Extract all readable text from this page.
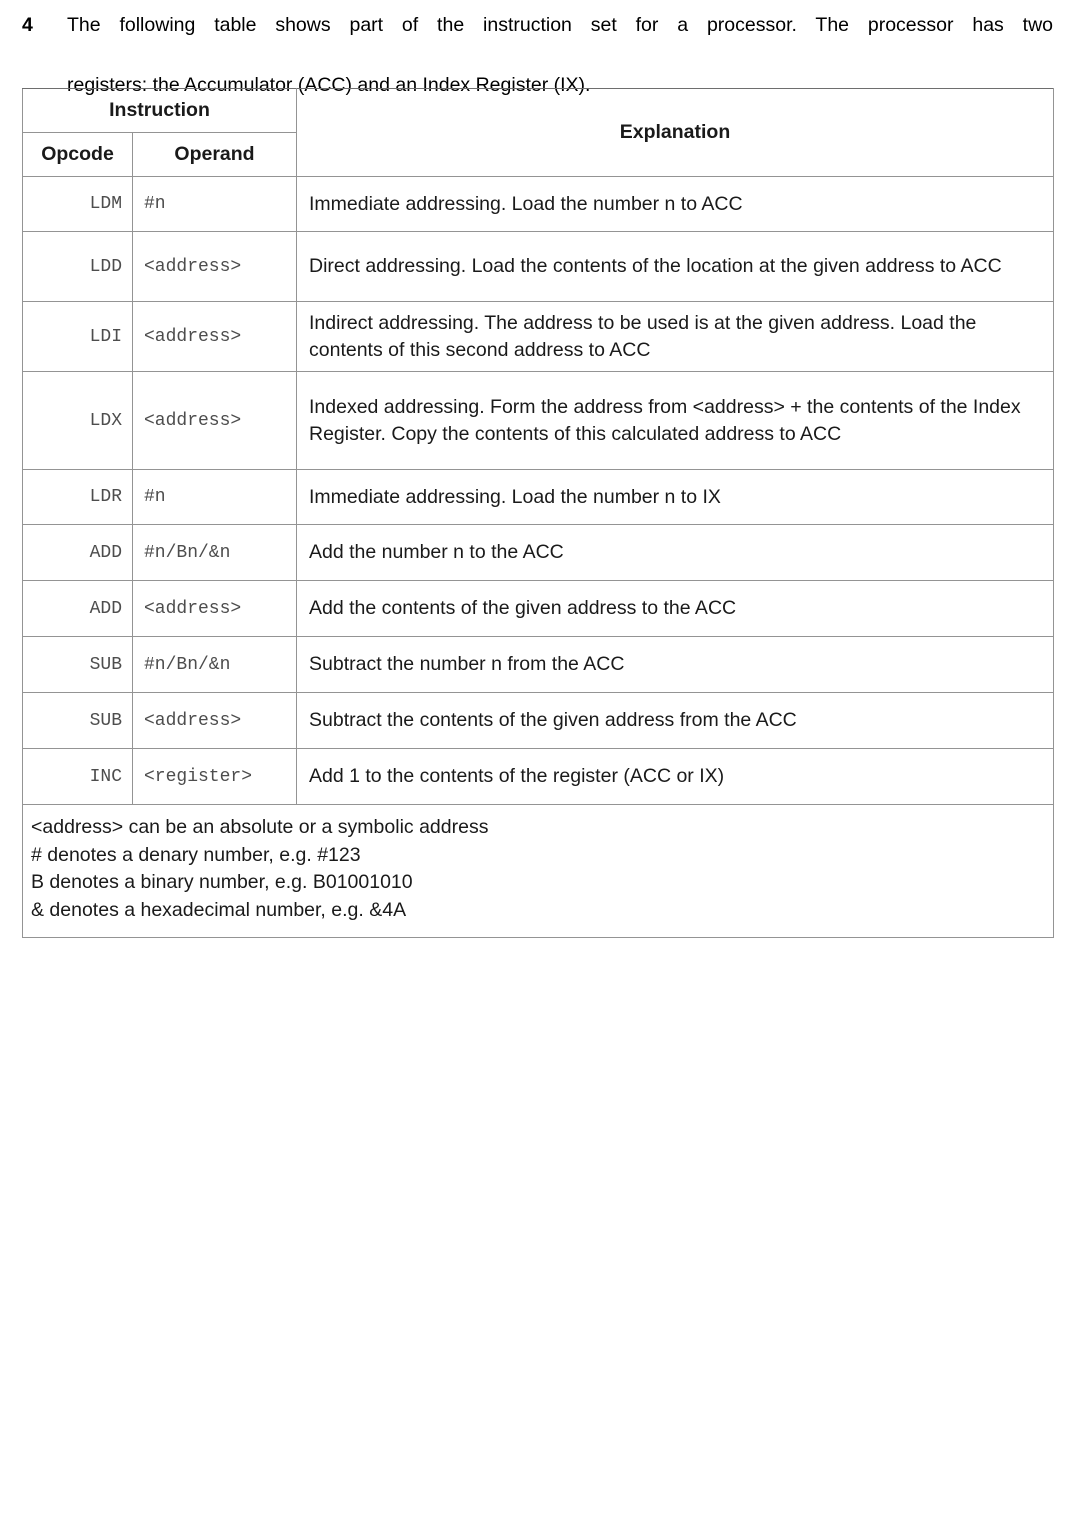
4	The following table shows part of the instruction set for a processor. The processor has two
registers: the Accumulator (ACC) and an Index Register (IX).
Instruction		Explanation
Opcode	Operand	
LDM	#n	Immediate addressing. Load the number n to ACC
LDD	<address>	Direct addressing. Load the contents of the location at the given address to ACC
LDI	<address>	Indirect addressing. The address to be used is at the given address. Load the contents of this second address to ACC
LDX	<address>	Indexed addressing. Form the address from <address> + the contents of the Index Register. Copy the contents of this calculated address to ACC
LDR	#n	Immediate addressing. Load the number n to IX
ADD	#n/Bn/&n	Add the number n to the ACC
ADD	<address>	Add the contents of the given address to the ACC
SUB	#n/Bn/&n	Subtract the number n from the ACC
SUB	<address>	Subtract the contents of the given address from the ACC
INC	<register>	Add 1 to the contents of the register (ACC or IX)

<address> can be an absolute or a symbolic address
# denotes a denary number, e.g. #123
B denotes a binary number, e.g. B01001010
& denotes a hexadecimal number, e.g. &4A		
